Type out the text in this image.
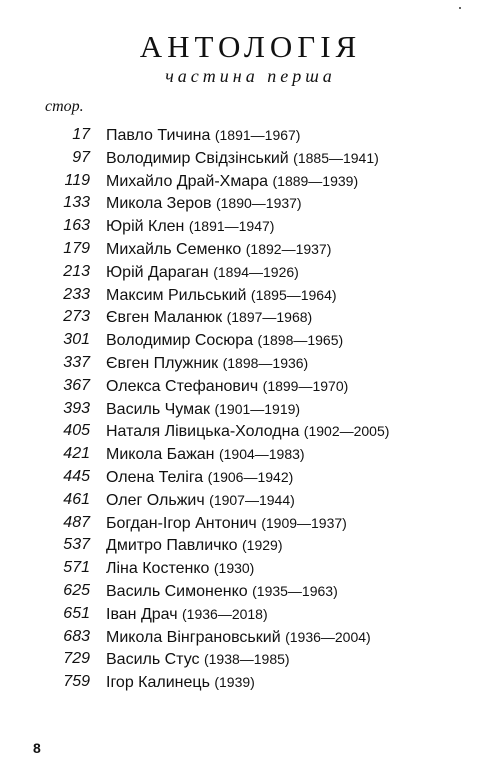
АНТОЛОГІЯ
частина перша
стор.
17 Павло Тичина (1891—1967)
97 Володимир Свідзінський (1885—1941)
119 Михайло Драй-Хмара (1889—1939)
133 Микола Зеров (1890—1937)
163 Юрій Клен (1891—1947)
179 Михайль Семенко (1892—1937)
213 Юрій Дараган (1894—1926)
233 Максим Рильський (1895—1964)
273 Євген Маланюк (1897—1968)
301 Володимир Сосюра (1898—1965)
337 Євген Плужник (1898—1936)
367 Олекса Стефанович (1899—1970)
393 Василь Чумак (1901—1919)
405 Наталя Лівицька-Холодна (1902—2005)
421 Микола Бажан (1904—1983)
445 Олена Теліга (1906—1942)
461 Олег Ольжич (1907—1944)
487 Богдан-Ігор Антонич (1909—1937)
537 Дмитро Павличко (1929)
571 Ліна Костенко (1930)
625 Василь Симоненко (1935—1963)
651 Іван Драч (1936—2018)
683 Микола Вінграновський (1936—2004)
729 Василь Стус (1938—1985)
759 Ігор Калинець (1939)
8
